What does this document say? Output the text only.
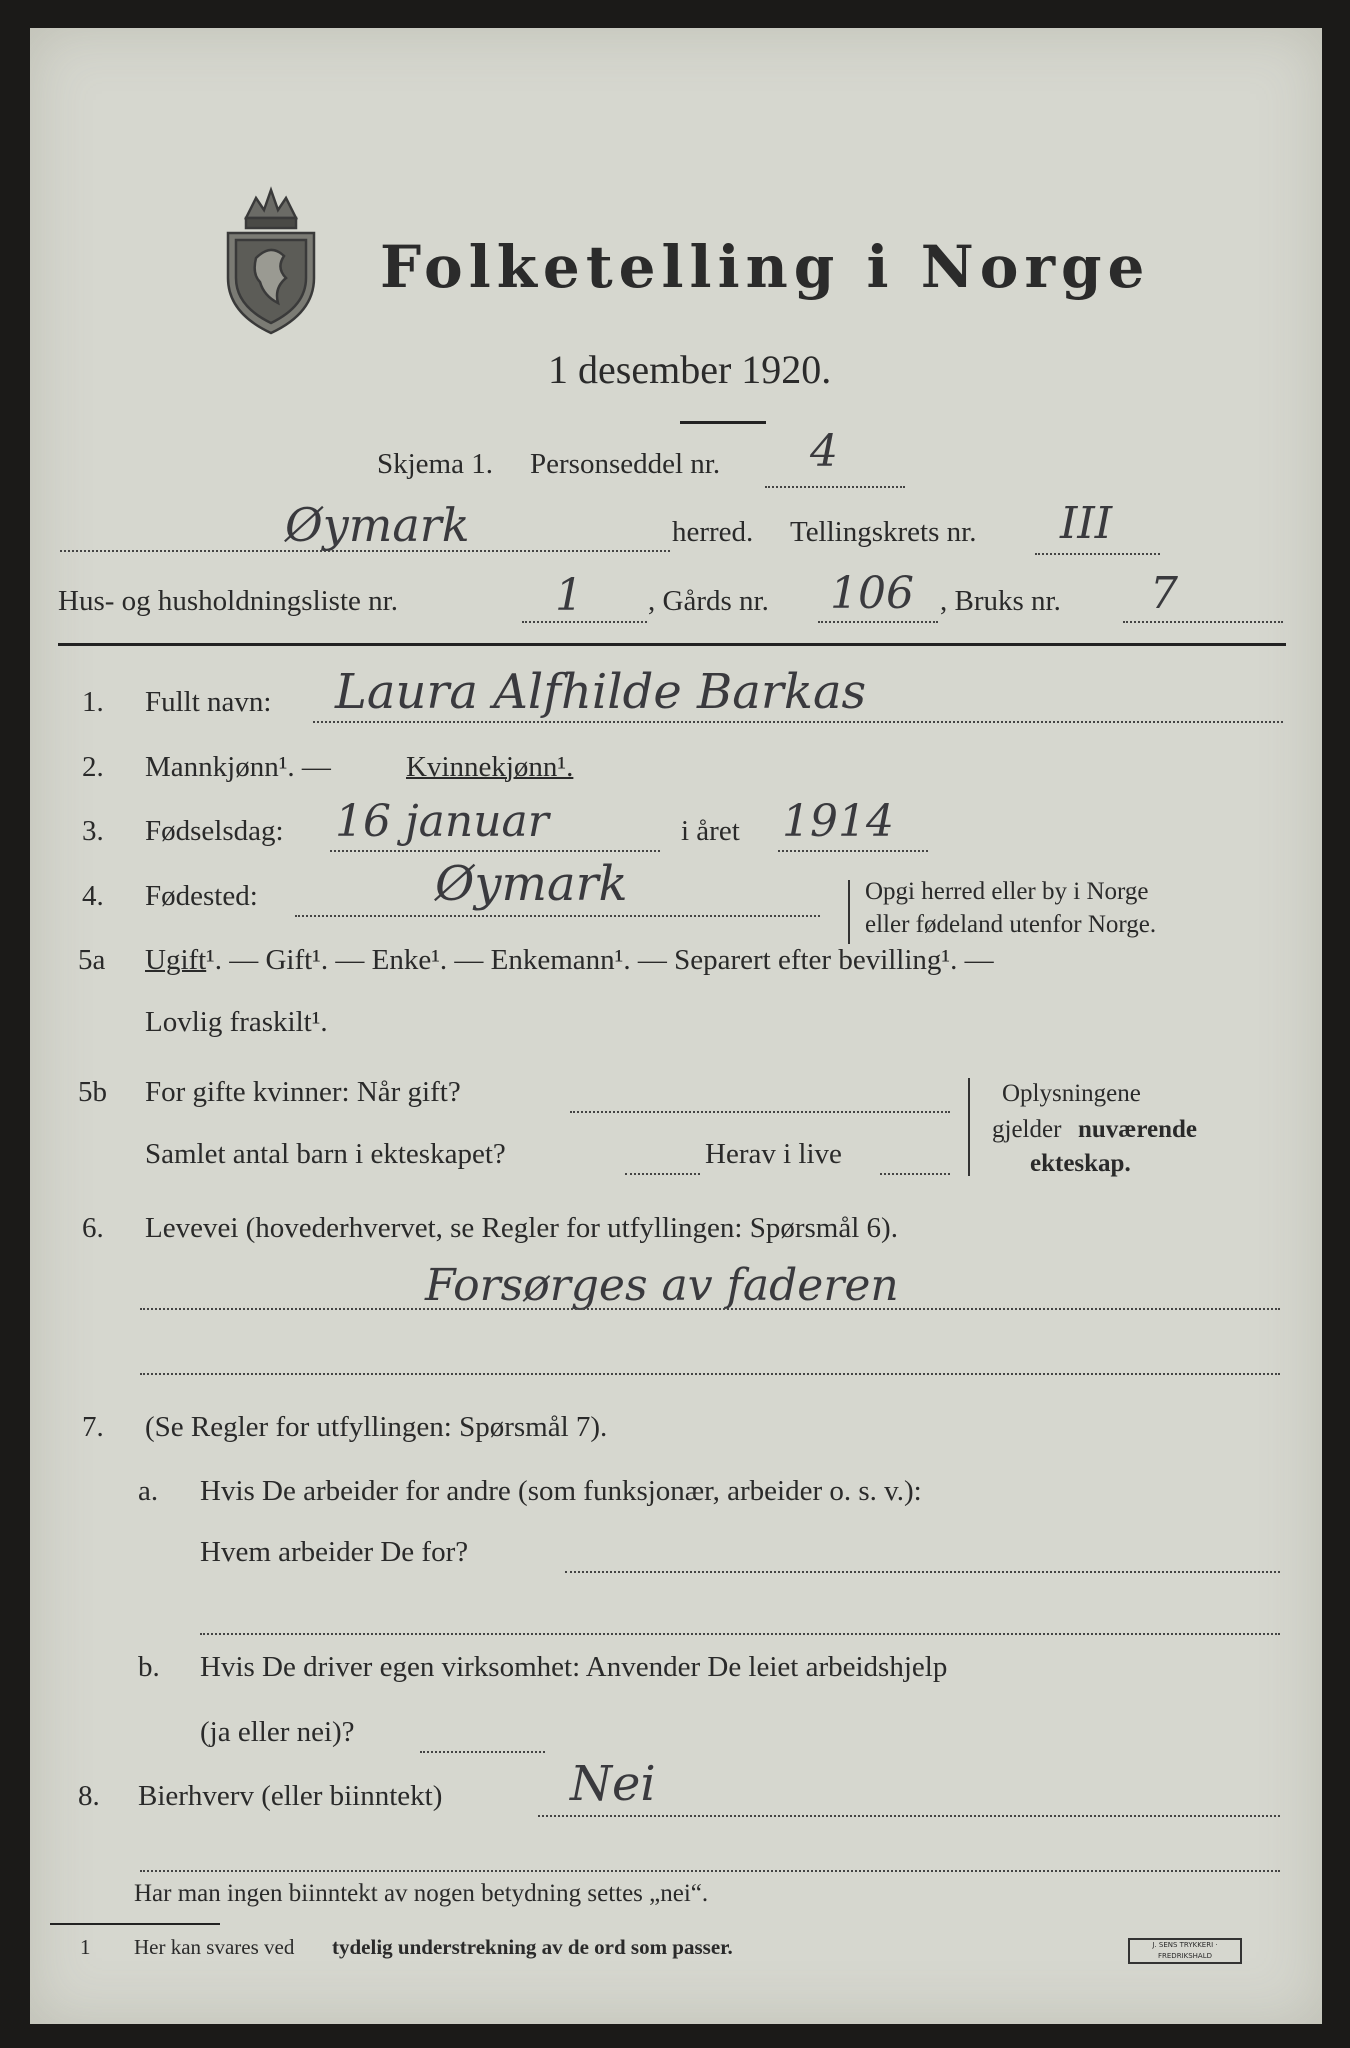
Folketelling i Norge
1 desember 1920.
Skjema 1. Personseddel nr. 4
Øymark	herred. Tellingskrets nr. III
Hus- og husholdningsliste nr.	1 , Gårds nr. 106 , Bruks nr. 7
1. Fullt navn: Laura Alfhilde Barkas
2. Mannkjønn¹. —	Kvinnekjønn¹.
3. Fødselsdag: 16 januar	i året 1914
4. Fødested:	Øymark	Opgi herred eller by i Norge
eller fødeland utenfor Norge.
5a Ugift ¹. — Gift¹. — Enke¹. — Enkemann¹. — Separert efter bevilling¹. —
Lovlig fraskilt¹.
5b For gifte kvinner: Når gift?
Samlet antal barn i ekteskapet?	Herav i live
Oplysningene
gjelder nuværende
ekteskap.
6. Levevei (hovederhvervet, se Regler for utfyllingen: Spørsmål 6).
Forsørges av faderen
7. (Se Regler for utfyllingen: Spørsmål 7).
a. Hvis De arbeider for andre (som funksjonær, arbeider o. s. v.):
Hvem arbeider De for?
b. Hvis De driver egen virksomhet: Anvender De leiet arbeidshjelp
(ja eller nei)?
8. Bierhverv (eller biinntekt)	Nei
Har man ingen biinntekt av nogen betydning settes „nei“.
1 Her kan svares ved tydelig understrekning av de ord som passer.	J. SENS TRYKKERI · FREDRIKSHALD
